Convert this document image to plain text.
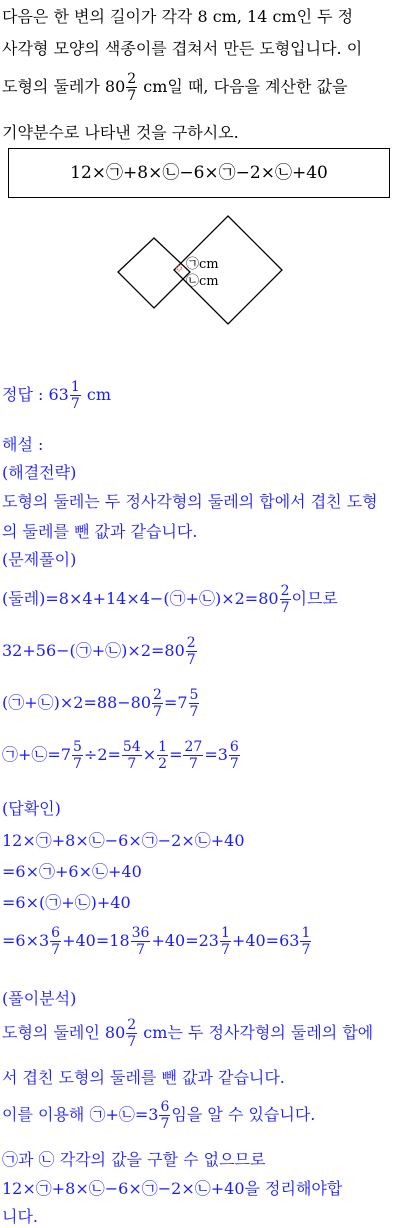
다음은 한 변의 길이가 각각 8 cm, 14 cm인 두 정
사각형 모양의 색종이를 겹쳐서 만든 도형입니다. 이
도형의 둘레가 $80 \frac{2}{7}$ cm일 때, 다음을 계산한 값을
기약분수로 나타낸 것을 구하시오.
12×㉠+8×㉡−6×㉠−2×㉡+40
㉠cm
㉡cm
정답 : $63 \frac{1}{7}$ cm
해설 :
(해결전략)
도형의 둘레는 두 정사각형의 둘레의 합에서 겹친 도형
의 둘레를 뺀 값과 같습니다.
(문제풀이)
(둘레)=8×4+14×4−(㉠+㉡)×2=80 $\frac{2}{7}$ 이므로
32+56−(㉠+㉡)×2=80 $\frac{2}{7}$
(㉠+㉡)×2=88−80 $\frac{2}{7} =7 \frac{5}{7}$
㉠+㉡=7 $\frac{5}{7} \div 2= \frac{54}{7} \times \frac{1}{2} = \frac{27}{7} =3 \frac{6}{7}$
(답확인)
12×㉠+8×㉡−6×㉠−2×㉡+40
=6×㉠+6×㉡+40
=6×(㉠+㉡)+40
$=6\times 3 \frac{6}{7} +40=18 \frac{36}{7} +40=23 \frac{1}{7} +40=63 \frac{1}{7}$
(풀이분석)
도형의 둘레인 $80 \frac{2}{7}$ cm는 두 정사각형의 둘레의 합에
서 겹친 도형의 둘레를 뺀 값과 같습니다.
이를 이용해 ㉠+㉡=3 $\frac{6}{7}$ 임을 알 수 있습니다.
㉠과 ㉡ 각각의 값을 구할 수 없으므로
12×㉠+8×㉡−6×㉠−2×㉡+40을 정리해야합
니다.
